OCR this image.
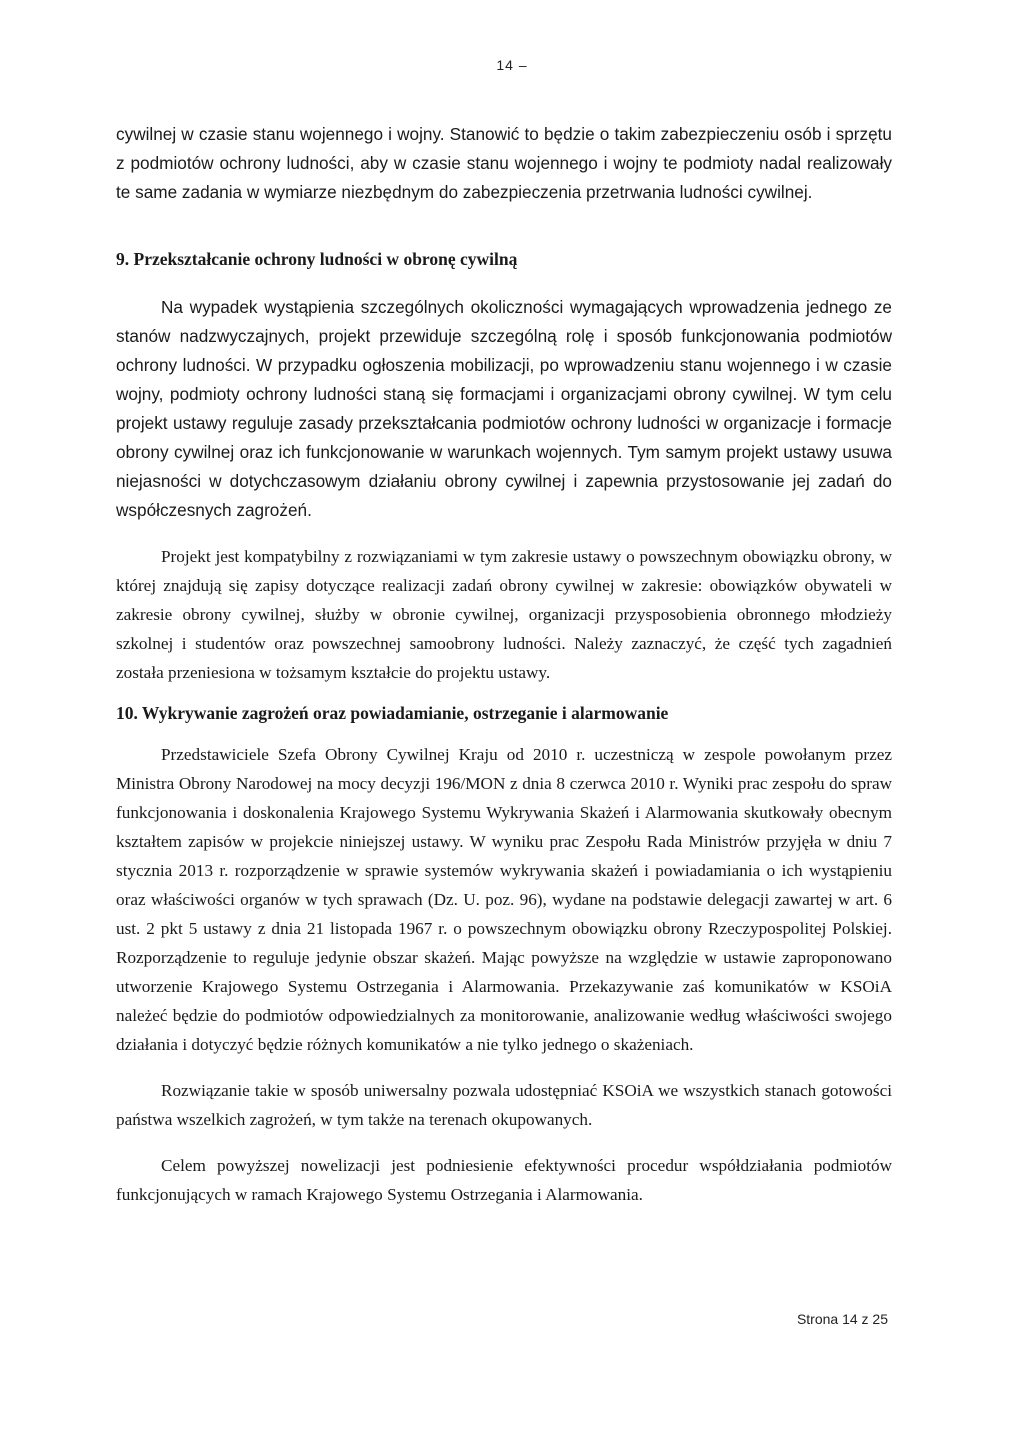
14 –

cywilnej w czasie stanu wojennego i wojny. Stanowić to będzie o takim zabezpieczeniu osób i sprzętu z podmiotów ochrony ludności, aby w czasie stanu wojennego i wojny te podmioty nadal realizowały te same zadania w wymiarze niezbędnym do zabezpieczenia przetrwania ludności cywilnej.

9. Przekształcanie ochrony ludności w obronę cywilną

Na wypadek wystąpienia szczególnych okoliczności wymagających wprowadzenia jednego ze stanów nadzwyczajnych, projekt przewiduje szczególną rolę i sposób funkcjonowania podmiotów ochrony ludności. W przypadku ogłoszenia mobilizacji, po wprowadzeniu stanu wojennego i w czasie wojny, podmioty ochrony ludności staną się formacjami i organizacjami obrony cywilnej. W tym celu projekt ustawy reguluje zasady przekształcania podmiotów ochrony ludności w organizacje i formacje obrony cywilnej oraz ich funkcjonowanie w warunkach wojennych. Tym samym projekt ustawy usuwa niejasności w dotychczasowym działaniu obrony cywilnej i zapewnia przystosowanie jej zadań do współczesnych zagrożeń.

Projekt jest kompatybilny z rozwiązaniami w tym zakresie ustawy o powszechnym obowiązku obrony, w której znajdują się zapisy dotyczące realizacji zadań obrony cywilnej w zakresie: obowiązków obywateli w zakresie obrony cywilnej, służby w obronie cywilnej, organizacji przysposobienia obronnego młodzieży szkolnej i studentów oraz powszechnej samoobrony ludności. Należy zaznaczyć, że część tych zagadnień została przeniesiona w tożsamym kształcie do projektu ustawy.

10. Wykrywanie zagrożeń oraz powiadamianie, ostrzeganie i alarmowanie

Przedstawiciele Szefa Obrony Cywilnej Kraju od 2010 r. uczestniczą w zespole powołanym przez Ministra Obrony Narodowej na mocy decyzji 196/MON z dnia 8 czerwca 2010 r. Wyniki prac zespołu do spraw funkcjonowania i doskonalenia Krajowego Systemu Wykrywania Skażeń i Alarmowania skutkowały obecnym kształtem zapisów w projekcie niniejszej ustawy. W wyniku prac Zespołu Rada Ministrów przyjęła w dniu 7 stycznia 2013 r. rozporządzenie w sprawie systemów wykrywania skażeń i powiadamiania o ich wystąpieniu oraz właściwości organów w tych sprawach (Dz. U. poz. 96), wydane na podstawie delegacji zawartej w art. 6 ust. 2 pkt 5 ustawy z dnia 21 listopada 1967 r. o powszechnym obowiązku obrony Rzeczypospolitej Polskiej. Rozporządzenie to reguluje jedynie obszar skażeń. Mając powyższe na względzie w ustawie zaproponowano utworzenie Krajowego Systemu Ostrzegania i Alarmowania. Przekazywanie zaś komunikatów w KSOiA należeć będzie do podmiotów odpowiedzialnych za monitorowanie, analizowanie według właściwości swojego działania i dotyczyć będzie różnych komunikatów a nie tylko jednego o skażeniach.

Rozwiązanie takie w sposób uniwersalny pozwala udostępniać KSOiA we wszystkich stanach gotowości państwa wszelkich zagrożeń, w tym także na terenach okupowanych.

Celem powyższej nowelizacji jest podniesienie efektywności procedur współdziałania podmiotów funkcjonujących w ramach Krajowego Systemu Ostrzegania i Alarmowania.

Strona 14 z 25
